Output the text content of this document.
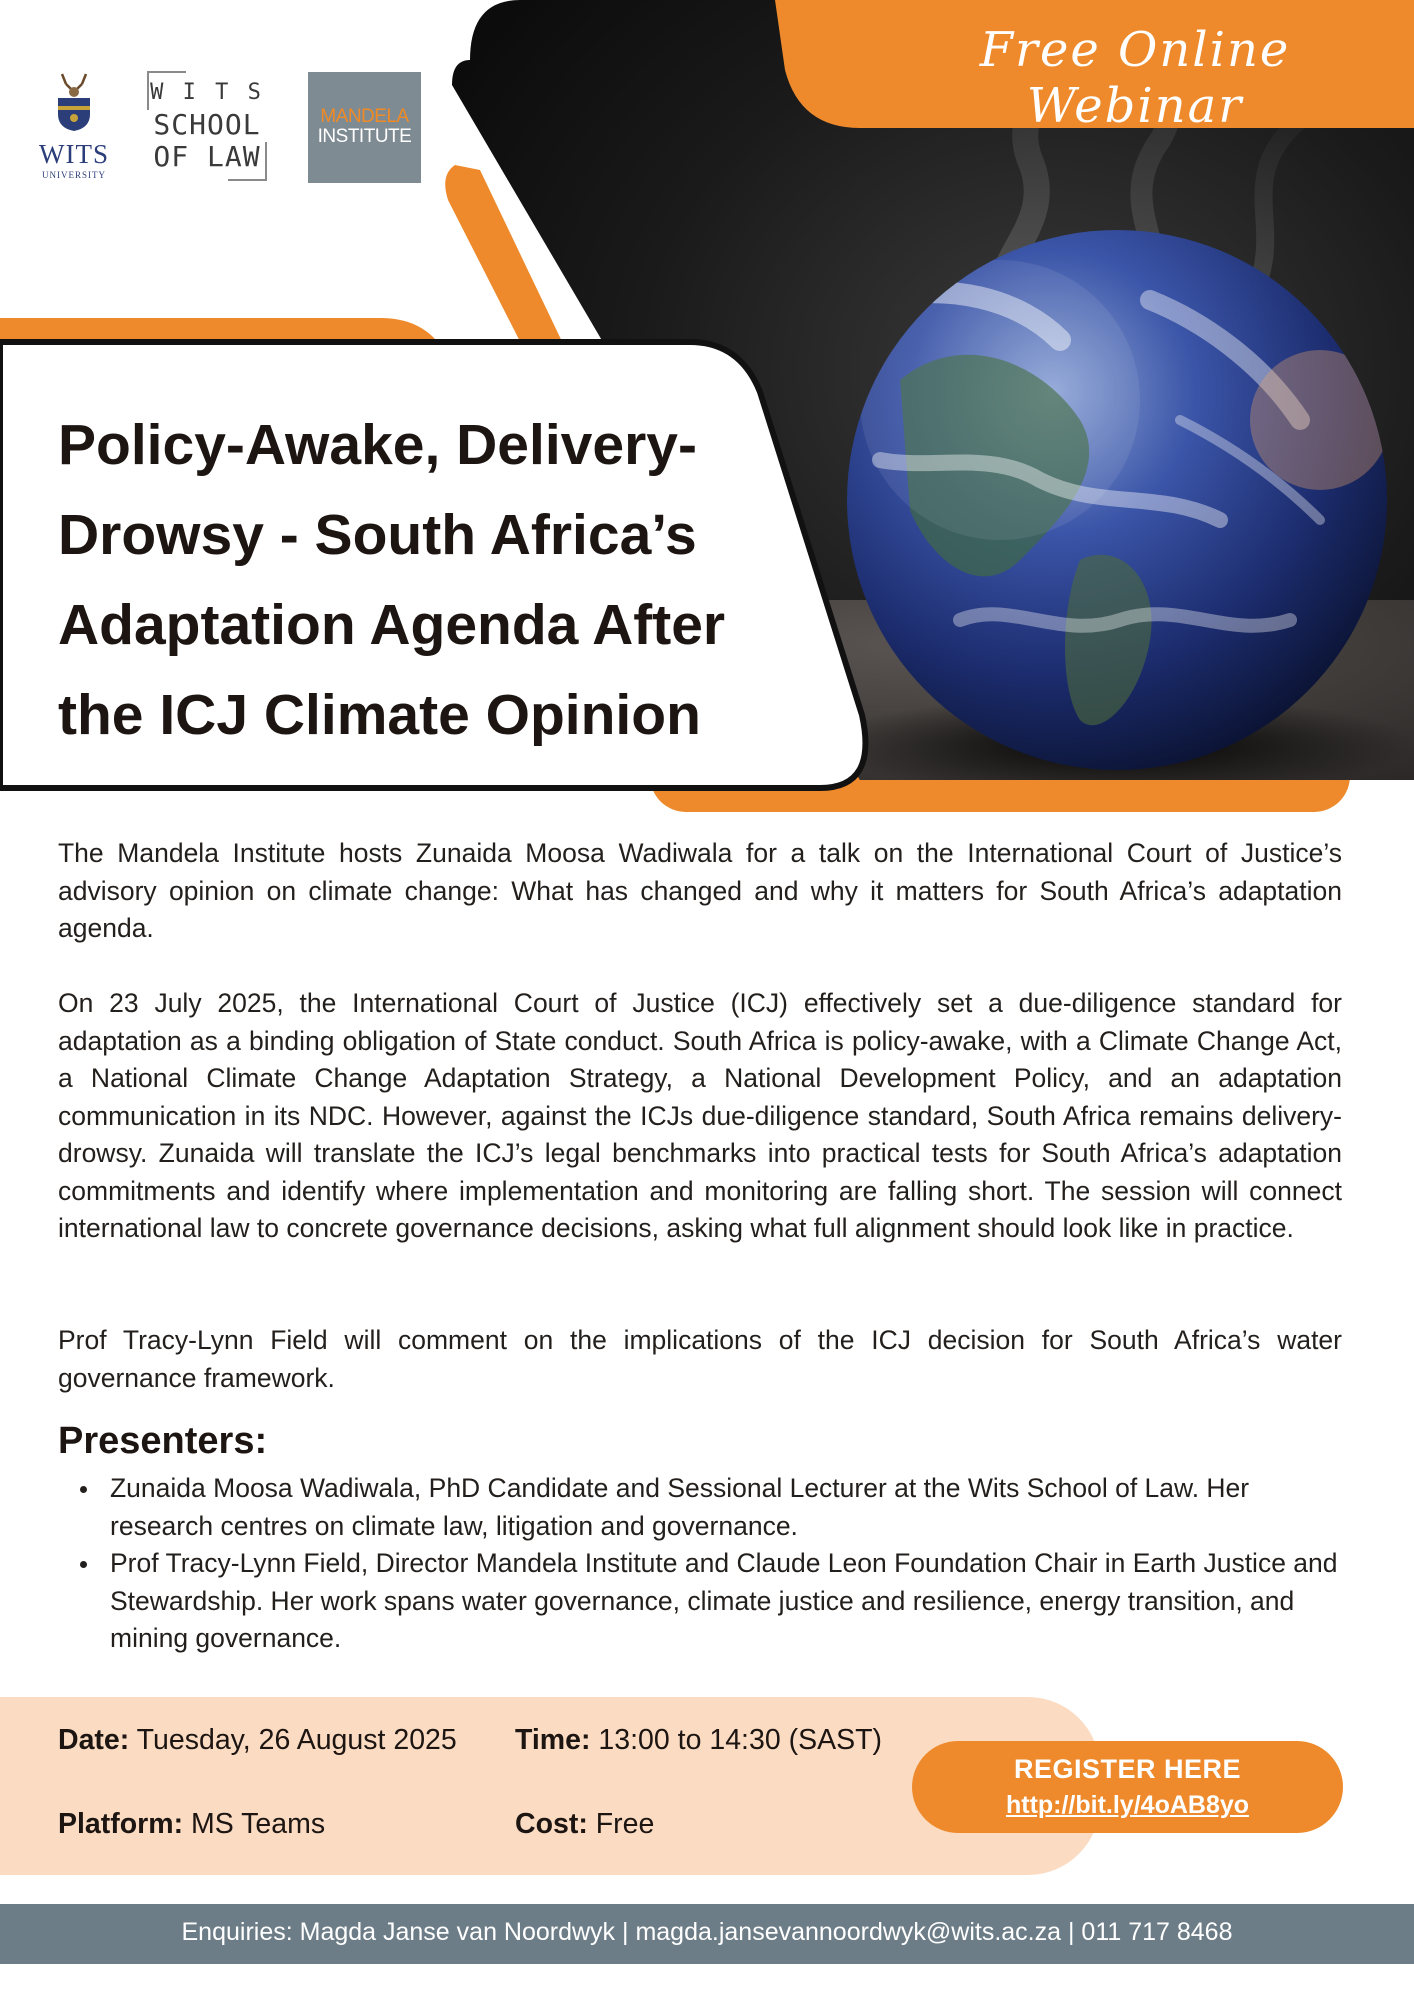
WITS
UNIVERSITY
W I T S
SCHOOL
OF LAW
MANDELA
INSTITUTE
Free Online Webinar
Policy-Awake, Delivery-Drowsy - South Africa’s Adaptation Agenda After the ICJ Climate Opinion

The Mandela Institute hosts Zunaida Moosa Wadiwala for a talk on the International Court of Justice’s advisory opinion on climate change: What has changed and why it matters for South Africa’s adaptation agenda.

On 23 July 2025, the International Court of Justice (ICJ) effectively set a due-diligence standard for adaptation as a binding obligation of State conduct. South Africa is policy-awake, with a Climate Change Act, a National Climate Change Adaptation Strategy, a National Development Policy, and an adaptation communication in its NDC. However, against the ICJs due-diligence standard, South Africa remains delivery-drowsy. Zunaida will translate the ICJ’s legal benchmarks into practical tests for South Africa’s adaptation commitments and identify where implementation and monitoring are falling short. The session will connect international law to concrete governance decisions, asking what full alignment should look like in practice.

Prof Tracy-Lynn Field will comment on the implications of the ICJ decision for South Africa’s water governance framework.

Presenters:
Zunaida Moosa Wadiwala, PhD Candidate and Sessional Lecturer at the Wits School of Law. Her research centres on climate law, litigation and governance.
Prof Tracy-Lynn Field, Director Mandela Institute and Claude Leon Foundation Chair in Earth Justice and Stewardship. Her work spans water governance, climate justice and resilience, energy transition, and mining governance.
Date: Tuesday, 26 August 2025 Time: 13:00 to 14:30 (SAST)
Platform: MS Teams	Cost: Free
REGISTER HERE
http://bit.ly/4oAB8yo
Enquiries: Magda Janse van Noordwyk | magda.jansevannoordwyk@wits.ac.za | 011 717 8468
